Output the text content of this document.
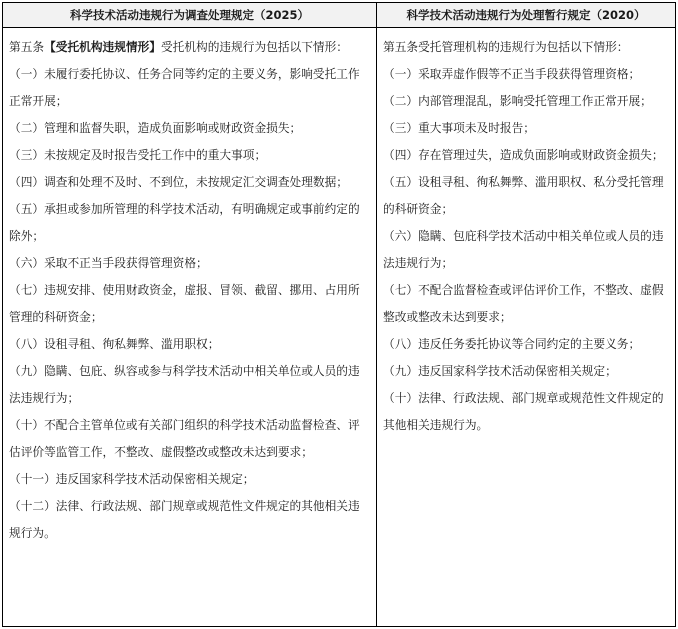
科学技术活动违规行为调查处理规定（2025）	科学技术活动违规行为处理暂行规定（2020）

第五条【受托机构违规情形】受托机构的违规行为包括以下情形：

（一）未履行委托协议、任务合同等约定的主要义务，影响受托工作正常开展；

（二）管理和监督失职，造成负面影响或财政资金损失；

（三）未按规定及时报告受托工作中的重大事项；

（四）调查和处理不及时、不到位，未按规定汇交调查处理数据；

（五）承担或参加所管理的科学技术活动，有明确规定或事前约定的除外；

（六）采取不正当手段获得管理资格；

（七）违规安排、使用财政资金，虚报、冒领、截留、挪用、占用所管理的科研资金；

（八）设租寻租、徇私舞弊、滥用职权；

（九）隐瞒、包庇、纵容或参与科学技术活动中相关单位或人员的违法违规行为；

（十）不配合主管单位或有关部门组织的科学技术活动监督检查、评估评价等监管工作，不整改、虚假整改或整改未达到要求；

（十一）违反国家科学技术活动保密相关规定；

（十二）法律、行政法规、部门规章或规范性文件规定的其他相关违规行为。

第五条受托管理机构的违规行为包括以下情形：

（一）采取弄虚作假等不正当手段获得管理资格；

（二）内部管理混乱，影响受托管理工作正常开展；

（三）重大事项未及时报告；

（四）存在管理过失，造成负面影响或财政资金损失；

（五）设租寻租、徇私舞弊、滥用职权、私分受托管理的科研资金；

（六）隐瞒、包庇科学技术活动中相关单位或人员的违法违规行为；

（七）不配合监督检查或评估评价工作，不整改、虚假整改或整改未达到要求；

（八）违反任务委托协议等合同约定的主要义务；

（九）违反国家科学技术活动保密相关规定；

（十）法律、行政法规、部门规章或规范性文件规定的其他相关违规行为。
